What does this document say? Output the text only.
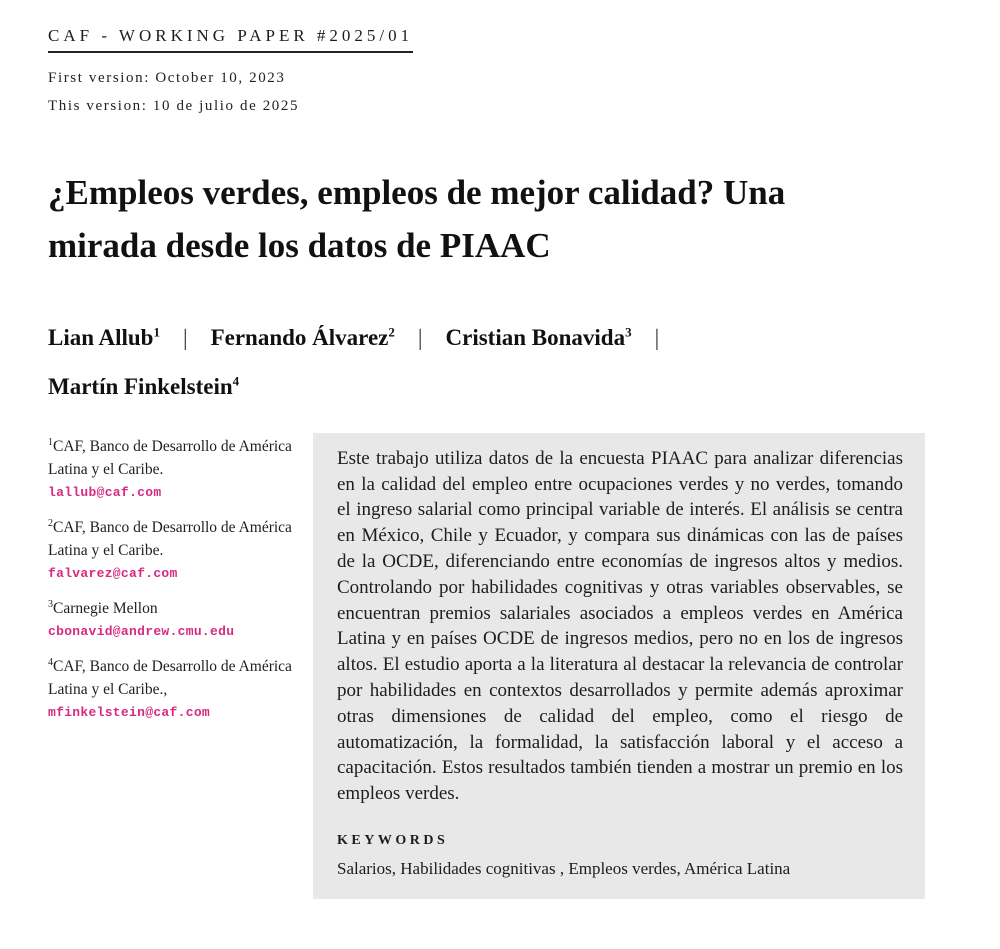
CAF - WORKING PAPER #2025/01
First version: October 10, 2023
This version: 10 de julio de 2025
¿Empleos verdes, empleos de mejor calidad? Una mirada desde los datos de PIAAC
Lian Allub$^1$ | Fernando Álvarez$^2$ | Cristian Bonavida$^3$ |
Martín Finkelstein$^4$

$^1$CAF, Banco de Desarrollo de América Latina y el Caribe.

lallub@caf.com

$^2$CAF, Banco de Desarrollo de América Latina y el Caribe.

falvarez@caf.com

$^3$Carnegie Mellon

cbonavid@andrew.cmu.edu

$^4$CAF, Banco de Desarrollo de América Latina y el Caribe.,

mfinkelstein@caf.com

Este trabajo utiliza datos de la encuesta PIAAC para analizar diferencias en la calidad del empleo entre ocupaciones verdes y no verdes, tomando el ingreso salarial como principal variable de interés. El análisis se centra en México, Chile y Ecuador, y compara sus dinámicas con las de países de la OCDE, diferenciando entre economías de ingresos altos y medios. Controlando por habilidades cognitivas y otras variables observables, se encuentran premios salariales asociados a empleos verdes en América Latina y en países OCDE de ingresos medios, pero no en los de ingresos altos. El estudio aporta a la literatura al destacar la relevancia de controlar por habilidades en contextos desarrollados y permite además aproximar otras dimensiones de calidad del empleo, como el riesgo de automatización, la formalidad, la satisfacción laboral y el acceso a capacitación. Estos resultados también tienden a mostrar un premio en los empleos verdes.

KEYWORDS
Salarios, Habilidades cognitivas , Empleos verdes, América Latina
